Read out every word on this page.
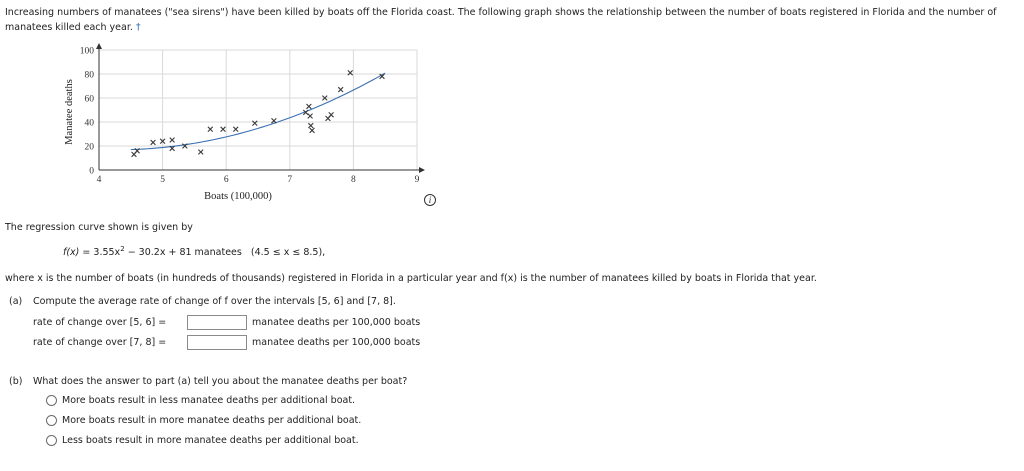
Increasing numbers of manatees ("sea sirens") have been killed by boats off the Florida coast. The following graph shows the relationship between the number of boats registered in Florida and the number of manatees killed each year. †
0
20
40
60
80
100
4	5	6	7	8	9
Boats (100,000)
Manatee deaths
i
The regression curve shown is given by
$f(x) = 3.55x^2 - 30.2x + 81$ manatees (4.5 ≤ x ≤ 8.5),
where x is the number of boats (in hundreds of thousands) registered in Florida in a particular year and f(x) is the number of manatees killed by boats in Florida that year.
(a) Compute the average rate of change of f over the intervals [5, 6] and [7, 8].
rate of change over [5, 6] =	manatee deaths per 100,000 boats
rate of change over [7, 8] =	manatee deaths per 100,000 boats
(b) What does the answer to part (a) tell you about the manatee deaths per boat?
More boats result in less manatee deaths per additional boat.
More boats result in more manatee deaths per additional boat.
Less boats result in more manatee deaths per additional boat.
